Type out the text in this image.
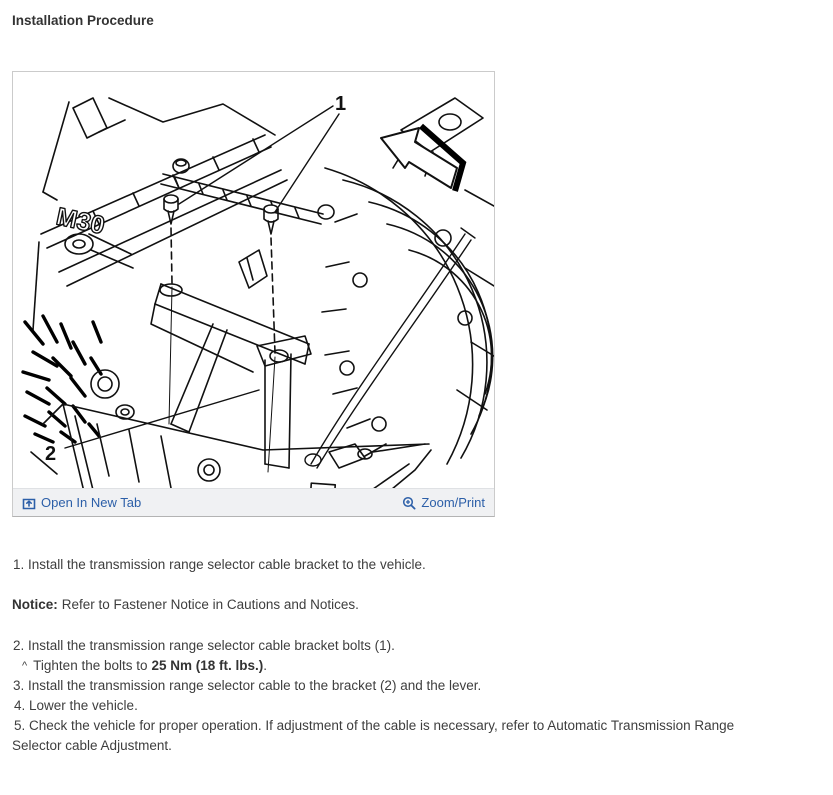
Installation Procedure
M30
1
2
Open In New Tab	Zoom/Print
1. Install the transmission range selector cable bracket to the vehicle.
Notice: Refer to Fastener Notice in Cautions and Notices.
2. Install the transmission range selector cable bracket bolts (1).
^ Tighten the bolts to 25 Nm (18 ft. lbs.).
3. Install the transmission range selector cable to the bracket (2) and the lever.
4. Lower the vehicle.
5. Check the vehicle for proper operation. If adjustment of the cable is necessary, refer to Automatic Transmission Range Selector cable Adjustment.
